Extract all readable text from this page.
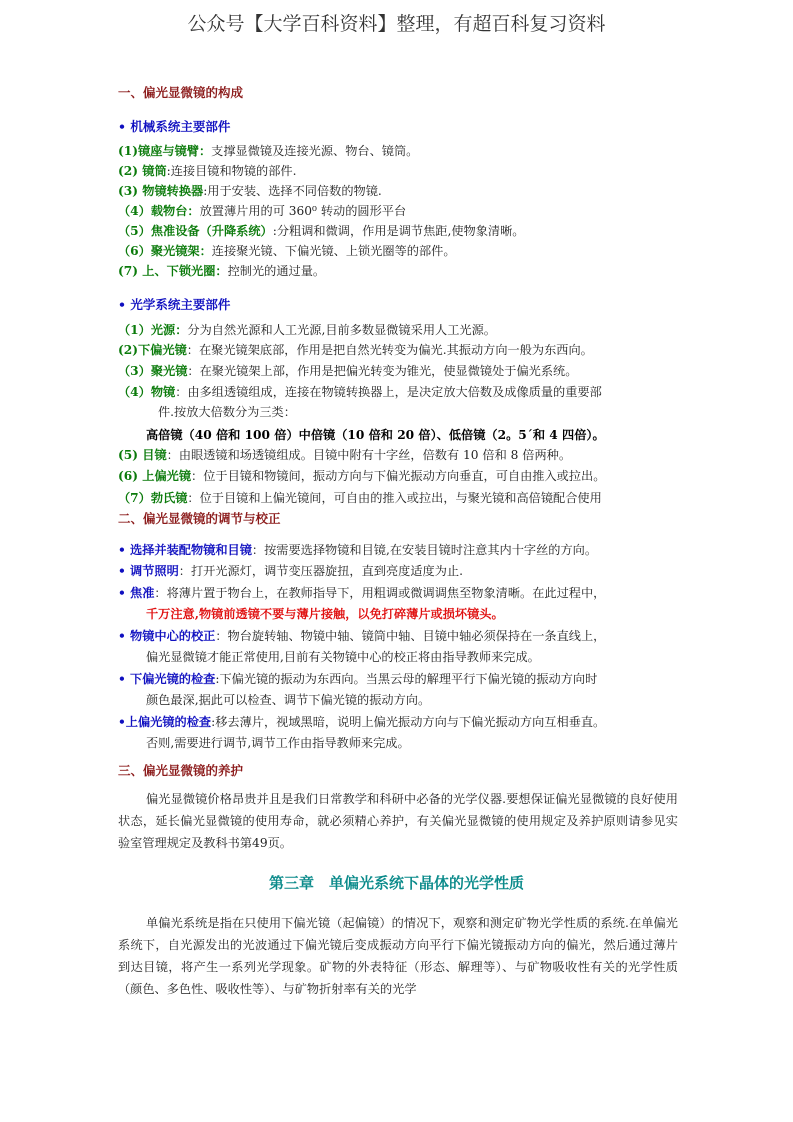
公众号【大学百科资料】整理，有超百科复习资料
一、偏光显微镜的构成
• 机械系统主要部件
(1)镜座与镜臂：支撑显微镜及连接光源、物台、镜筒。
(2) 镜筒:连接目镜和物镜的部件.
(3) 物镜转换器:用于安装、选择不同倍数的物镜.
（4）载物台：放置薄片用的可 360⁰ 转动的圆形平台
（5）焦准设备（升降系统）:分粗调和微调，作用是调节焦距,使物象清晰。
（6）聚光镜架：连接聚光镜、下偏光镜、上锁光圈等的部件。
(7) 上、下锁光圈：控制光的通过量。
• 光学系统主要部件
（1）光源：分为自然光源和人工光源,目前多数显微镜采用人工光源。
(2)下偏光镜：在聚光镜架底部，作用是把自然光转变为偏光.其振动方向一般为东西向。
（3）聚光镜：在聚光镜架上部，作用是把偏光转变为锥光，使显微镜处于偏光系统。
（4）物镜：由多组透镜组成，连接在物镜转换器上，是决定放大倍数及成像质量的重要部
件.按放大倍数分为三类：
高倍镜（40 倍和 100 倍）中倍镜（10 倍和 20 倍）、低倍镜（2。5´和 4 四倍）。
(5) 目镜：由眼透镜和场透镜组成。目镜中附有十字丝，倍数有 10 倍和 8 倍两种。
(6) 上偏光镜：位于目镜和物镜间，振动方向与下偏光振动方向垂直，可自由推入或拉出。
（7）勃氏镜：位于目镜和上偏光镜间，可自由的推入或拉出，与聚光镜和高倍镜配合使用
二、偏光显微镜的调节与校正
• 选择并装配物镜和目镜：按需要选择物镜和目镜,在安装目镜时注意其内十字丝的方向。
• 调节照明：打开光源灯，调节变压器旋扭，直到亮度适度为止.
• 焦准：将薄片置于物台上，在教师指导下，用粗调或微调调焦至物象清晰。在此过程中，
千万注意,物镜前透镜不要与薄片接触，以免打碎薄片或损坏镜头。
• 物镜中心的校正：物台旋转轴、物镜中轴、镜筒中轴、目镜中轴必须保持在一条直线上，
偏光显微镜才能正常使用,目前有关物镜中心的校正将由指导教师来完成。
• 下偏光镜的检查:下偏光镜的振动为东西向。当黑云母的解理平行下偏光镜的振动方向时
颜色最深,据此可以检查、调节下偏光镜的振动方向。
•上偏光镜的检查:移去薄片，视域黑暗，说明上偏光振动方向与下偏光振动方向互相垂直。
否则,需要进行调节,调节工作由指导教师来完成。
三、偏光显微镜的养护
偏光显微镜价格昂贵并且是我们日常教学和科研中必备的光学仪器.要想保证偏光显微镜的良好使用状态，延长偏光显微镜的使用寿命，就必须精心养护，有关偏光显微镜的使用规定及养护原则请参见实验室管理规定及教科书第49页。
第三章　单偏光系统下晶体的光学性质
单偏光系统是指在只使用下偏光镜（起偏镜）的情况下，观察和测定矿物光学性质的系统.在单偏光系统下，自光源发出的光波通过下偏光镜后变成振动方向平行下偏光镜振动方向的偏光，然后通过薄片到达目镜，将产生一系列光学现象。矿物的外表特征（形态、解理等）、与矿物吸收性有关的光学性质（颜色、多色性、吸收性等）、与矿物折射率有关的光学
